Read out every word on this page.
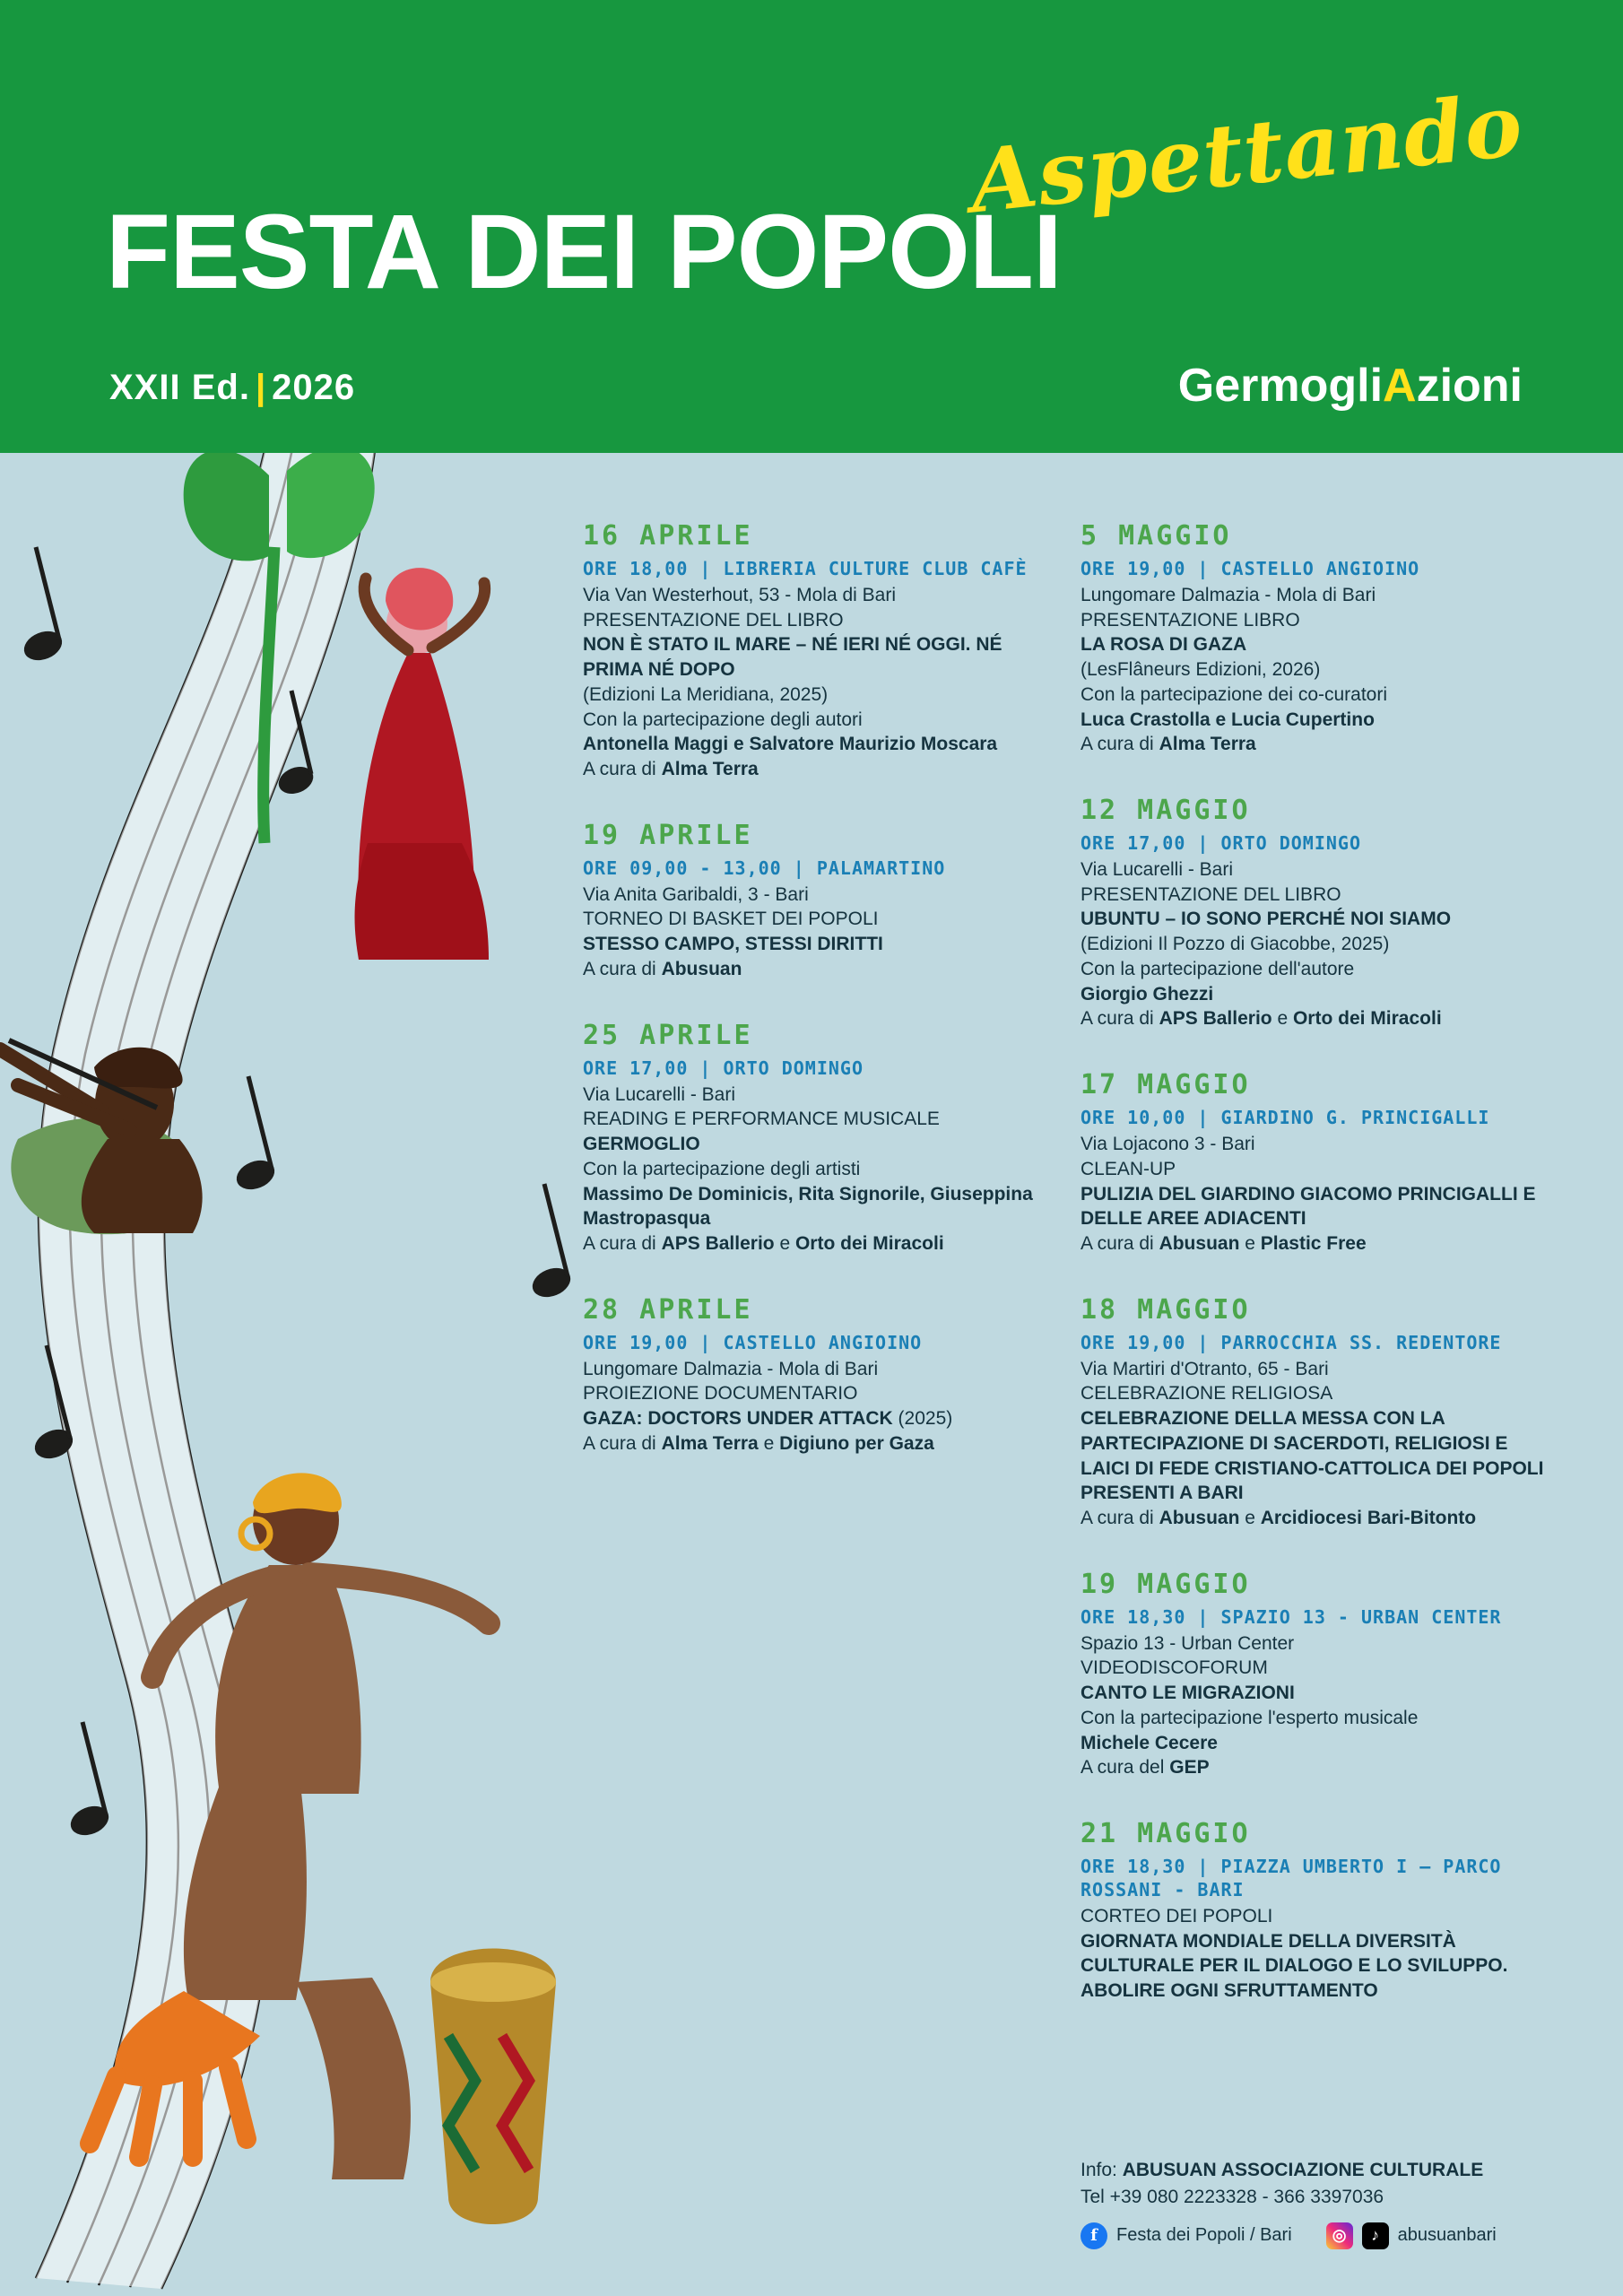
Aspettando
FESTA DEI POPOLI
XXII Ed. | 2026	GermogliAzioni
16 APRILE
ORE 18,00 | LIBRERIA CULTURE CLUB CAFÈ
Via Van Westerhout, 53 - Mola di Bari
PRESENTAZIONE DEL LIBRO
NON È STATO IL MARE – NÉ IERI NÉ OGGI. NÉ PRIMA NÉ DOPO
(Edizioni La Meridiana, 2025)
Con la partecipazione degli autori
Antonella Maggi e Salvatore Maurizio Moscara
A cura di Alma Terra
19 APRILE
ORE 09,00 - 13,00 | PALAMARTINO
Via Anita Garibaldi, 3 - Bari
TORNEO DI BASKET DEI POPOLI
STESSO CAMPO, STESSI DIRITTI
A cura di Abusuan
25 APRILE
ORE 17,00 | ORTO DOMINGO
Via Lucarelli - Bari
READING E PERFORMANCE MUSICALE
GERMOGLIO
Con la partecipazione degli artisti
Massimo De Dominicis, Rita Signorile, Giuseppina Mastropasqua
A cura di APS Ballerio e Orto dei Miracoli
28 APRILE
ORE 19,00 | CASTELLO ANGIOINO
Lungomare Dalmazia - Mola di Bari
PROIEZIONE DOCUMENTARIO
GAZA: DOCTORS UNDER ATTACK (2025)
A cura di Alma Terra e Digiuno per Gaza
5 MAGGIO
ORE 19,00 | CASTELLO ANGIOINO
Lungomare Dalmazia - Mola di Bari
PRESENTAZIONE LIBRO
LA ROSA DI GAZA
(LesFlâneurs Edizioni, 2026)
Con la partecipazione dei co-curatori
Luca Crastolla e Lucia Cupertino
A cura di Alma Terra
12 MAGGIO
ORE 17,00 | ORTO DOMINGO
Via Lucarelli - Bari
PRESENTAZIONE DEL LIBRO
UBUNTU – IO SONO PERCHÉ NOI SIAMO
(Edizioni Il Pozzo di Giacobbe, 2025)
Con la partecipazione dell'autore
Giorgio Ghezzi
A cura di APS Ballerio e Orto dei Miracoli
17 MAGGIO
ORE 10,00 | GIARDINO G. PRINCIGALLI
Via Lojacono 3 - Bari
CLEAN-UP
PULIZIA DEL GIARDINO GIACOMO PRINCIGALLI E DELLE AREE ADIACENTI
A cura di Abusuan e Plastic Free
18 MAGGIO
ORE 19,00 | PARROCCHIA SS. REDENTORE
Via Martiri d'Otranto, 65 - Bari
CELEBRAZIONE RELIGIOSA
CELEBRAZIONE DELLA MESSA CON LA PARTECIPAZIONE DI SACERDOTI, RELIGIOSI E LAICI DI FEDE CRISTIANO-CATTOLICA DEI POPOLI PRESENTI A BARI
A cura di Abusuan e Arcidiocesi Bari-Bitonto
19 MAGGIO
ORE 18,30 | SPAZIO 13 - URBAN CENTER
Spazio 13 - Urban Center
VIDEODISCOFORUM
CANTO LE MIGRAZIONI
Con la partecipazione l'esperto musicale
Michele Cecere
A cura del GEP
21 MAGGIO
ORE 18,30 | PIAZZA UMBERTO I – PARCO ROSSANI - BARI
CORTEO DEI POPOLI
GIORNATA MONDIALE DELLA DIVERSITÀ CULTURALE PER IL DIALOGO E LO SVILUPPO. ABOLIRE OGNI SFRUTTAMENTO
Info: ABUSUAN ASSOCIAZIONE CULTURALE
Tel +39 080 2223328 - 366 3397036
f	Festa dei Popoli / Bari	◎	♪	abusuanbari
